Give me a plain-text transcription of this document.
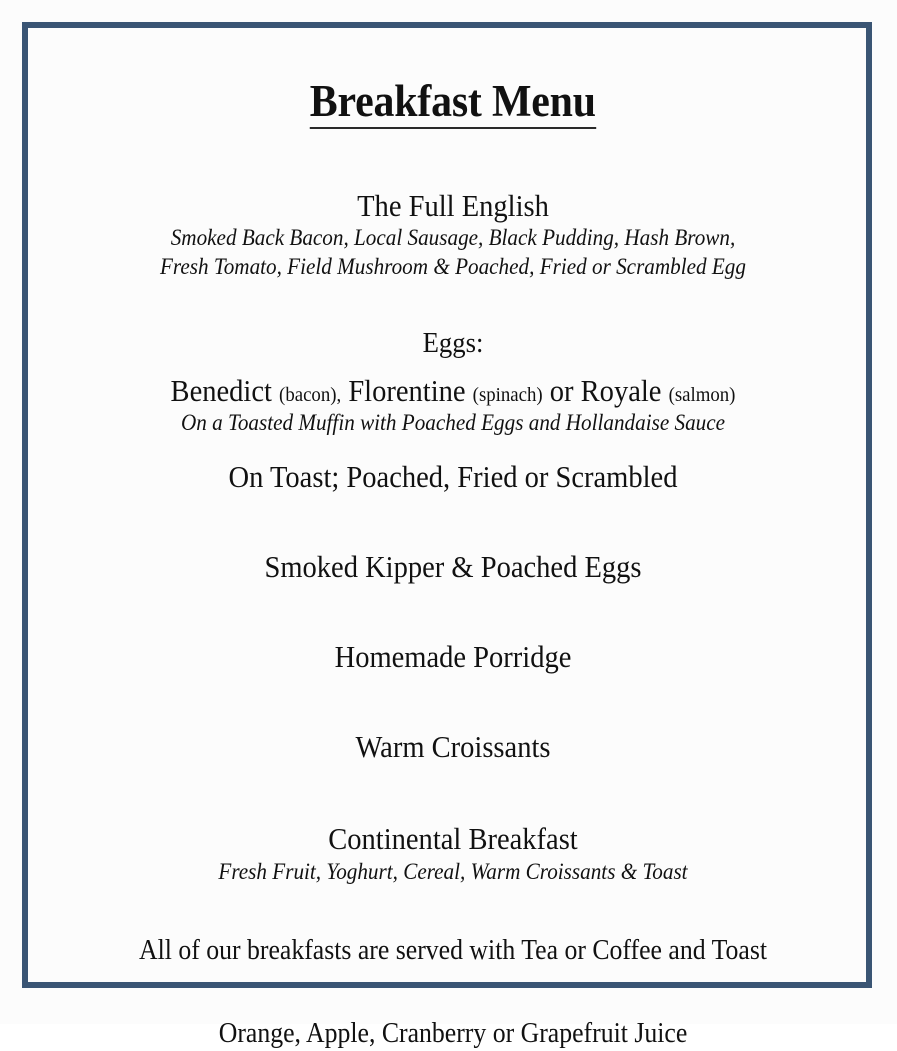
Breakfast Menu

The Full English

Smoked Back Bacon, Local Sausage, Black Pudding, Hash Brown,

Fresh Tomato, Field Mushroom & Poached, Fried or Scrambled Egg

Eggs:

Benedict (bacon), Florentine (spinach) or Royale (salmon)

On a Toasted Muffin with Poached Eggs and Hollandaise Sauce

On Toast; Poached, Fried or Scrambled

Smoked Kipper & Poached Eggs

Homemade Porridge

Warm Croissants

Continental Breakfast

Fresh Fruit, Yoghurt, Cereal, Warm Croissants & Toast

All of our breakfasts are served with Tea or Coffee and Toast

Orange, Apple, Cranberry or Grapefruit Juice
